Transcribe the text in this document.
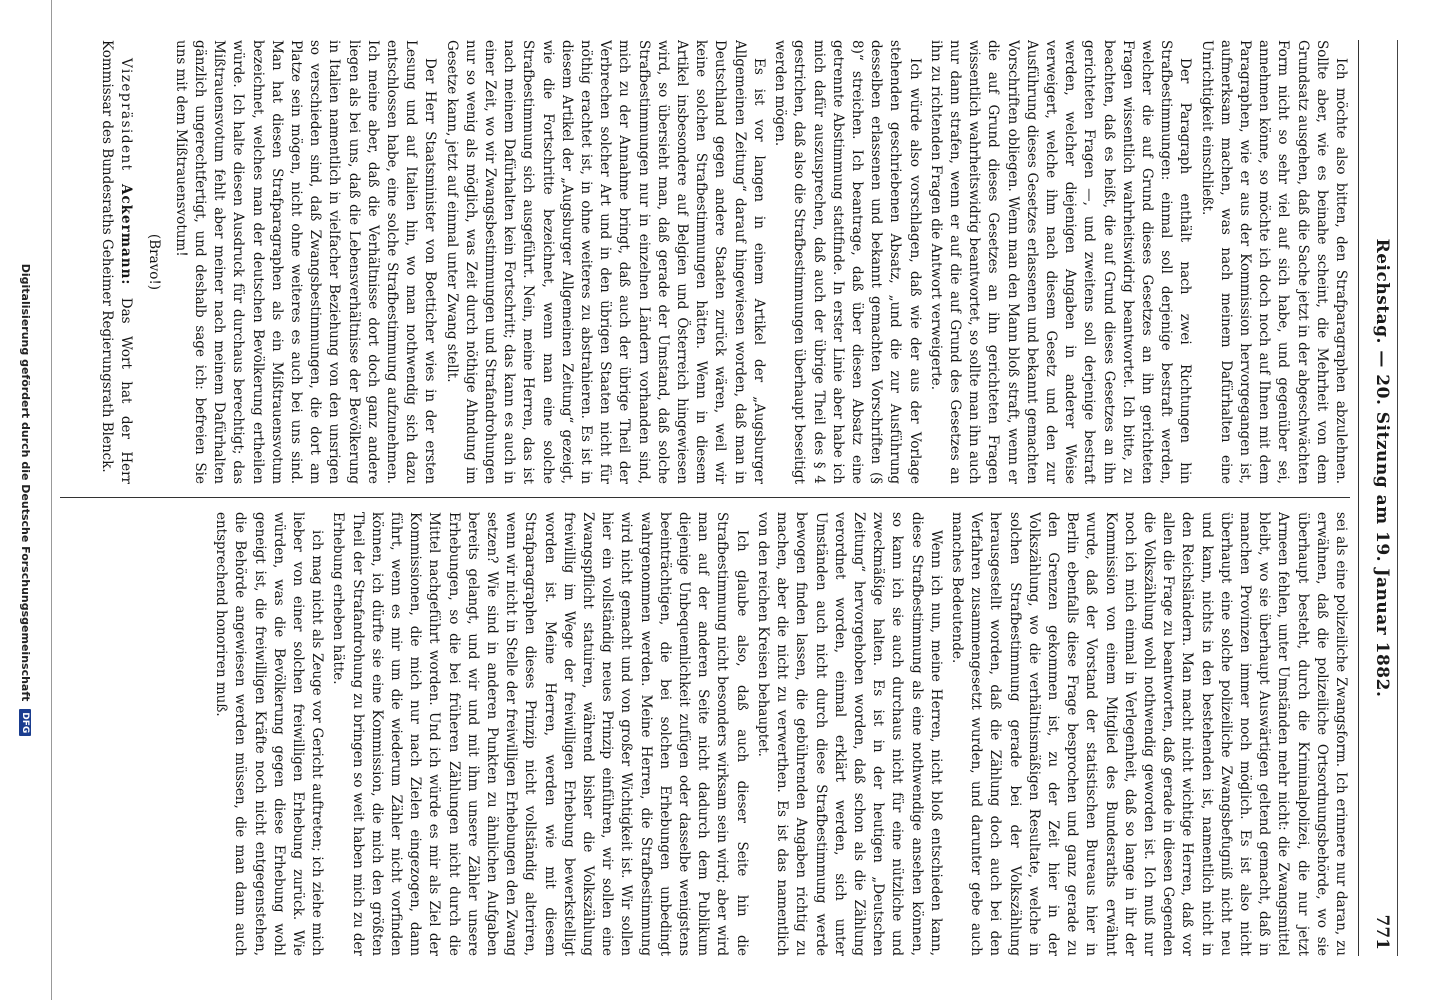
Reichstag. — 20. Sitzung am 19. Januar 1882.
771

Ich möchte also bitten, den Strafparagraphen abzulehnen. Sollte aber, wie es beinahe scheint, die Mehrheit von dem Grundsatz ausgehen, daß die Sache jetzt in der abgeschwächten Form nicht so sehr viel auf sich habe, und gegenüber sei, annehmen könne, so möchte ich doch noch auf Ihnen mit dem Paragraphen, wie er aus der Kommission hervorgegangen ist, aufmerksam machen, was nach meinem Dafürhalten eine Unrichtigkeit einschließt.

Der Paragraph enthält nach zwei Richtungen hin Strafbestimmungen: einmal soll derjenige bestraft werden, welcher die auf Grund dieses Gesetzes an ihn gerichteten Fragen wissentlich wahrheitswidrig beantwortet. Ich bitte, zu beachten, daß es heißt, die auf Grund dieses Gesetzes an ihn gerichteten Fragen —, und zweitens soll derjenige bestraft werden, welcher diejenigen Angaben in anderer Weise verweigert, welche ihm nach diesem Gesetz und den zur Ausführung dieses Gesetzes erlassenen und bekannt gemachten Vorschriften obliegen. Wenn man den Mann bloß straft, wenn er die auf Grund dieses Gesetzes an ihn gerichteten Fragen wissentlich wahrheitswidrig beantwortet, so sollte man ihn auch nur dann strafen, wenn er auf die auf Grund des Gesetzes an ihn zu richtenden Fragen die Antwort verweigerte.

Ich würde also vorschlagen, daß wie der aus der Vorlage stehenden geschriebenen Absatz, „und die zur Ausführung desselben erlassenen und bekannt gemachten Vorschriften (§ 8)“ streichen. Ich beantrage, daß über diesen Absatz eine getrennte Abstimmung stattfinde. In erster Linie aber habe ich mich dafür auszusprechen, daß auch der übrige Theil des § 4 gestrichen, daß also die Strafbestimmungen überhaupt beseitigt werden mögen.

Es ist vor langen in einem Artikel der „Augsburger Allgemeinen Zeitung“ darauf hingewiesen worden, daß man in Deutschland gegen andere Staaten zurück wären, weil wir keine solchen Strafbestimmungen hätten. Wenn in diesem Artikel insbesondere auf Belgien und Österreich hingewiesen wird, so übersieht man, daß gerade der Umstand, daß solche Strafbestimmungen nur in einzelnen Ländern vorhanden sind, mich zu der Annahme bringt, daß auch der übrige Theil der Verbrechen solcher Art und in den übrigen Staaten nicht für nöthig erachtet ist, in ohne weiteres zu abstrahieren. Es ist in diesem Artikel der „Augsburger Allgemeinen Zeitung“ gezeigt, wie die Fortschritte bezeichnet, wenn man eine solche Strafbestimmung sich ausgeführt. Nein, meine Herren, das ist nach meinem Dafürhalten kein Fortschritt; das kann es auch in einer Zeit, wo wir Zwangsbestimmungen und Strafandrohungen nur so wenig als möglich, was Zeit durch nöthige Ahndung im Gesetze kann, jetzt auf einmal unter Zwang stellt.

Der Herr Staatsminister von Boetticher wies in der ersten Lesung und auf Italien hin, wo man nothwendig sich dazu entschlossen habe, eine solche Strafbestimmung aufzunehmen. Ich meine aber, daß die Verhältnisse dort doch ganz andere liegen als bei uns, daß die Lebensverhältnisse der Bevölkerung in Italien namentlich in vielfacher Beziehung von den unsrigen so verschieden sind, daß Zwangsbestimmungen, die dort am Platze sein mögen, nicht ohne weiteres es auch bei uns sind. Man hat diesen Strafparagraphen als ein Mißtrauensvotum bezeichnet, welches man der deutschen Bevölkerung ertheilen würde. Ich halte diesen Ausdruck für durchaus berechtigt; das Mißtrauensvotum fehlt aber meiner nach meinem Dafürhalten gänzlich ungerechtfertigt, und deshalb sage ich: befreien Sie uns mit dem Mißtrauensvotum!

(Bravo!)

Vizepräsident Ackermann: Das Wort hat der Herr Kommissar des Bundesraths Geheimer Regierungsrath Blenck.

sei als eine polizeiliche Zwangsform. Ich erinnere nur daran, zu erwähnen, daß die polizeiliche Ortsordnungsbehörde, wo sie überhaupt besteht, durch die Kriminalpolizei, die nur jetzt Armeen fehlen, unter Umständen mehr nicht: die Zwangsmittel bleibt, wo sie überhaupt Auswärtigen geltend gemacht, daß in manchen Provinzen immer noch möglich. Es ist also nicht überhaupt eine solche polizeiliche Zwangsbefugniß nicht neu und kann, nichts in den bestehenden ist, namentlich nicht in den Reichsländern. Man macht nicht wichtige Herren, daß vor allen die Frage zu beantworten, daß gerade in diesen Gegenden die Volkszählung wohl nothwendig geworden ist. Ich muß nur noch ich mich einmal in Verlegenheit, daß so lange in ihr der Kommission von einem Mitglied des Bundesraths erwähnt wurde, daß der Vorstand der statistischen Bureaus hier in Berlin ebenfalls diese Frage besprochen und ganz gerade zu den Grenzen gekommen ist, zu der Zeit hier in der Volkszählung, wo die verhältnismäßigen Resultate, welche in solchen Strafbestimmung gerade bei der Volkszählung herausgestellt worden, daß die Zählung doch auch bei den Verfahren zusammengesetzt wurden, und darunter gebe auch manches Bedeutende.

Wenn ich nun, meine Herren, nicht bloß entschieden kann, diese Strafbestimmung als eine nothwendige ansehen können, so kann ich sie auch durchaus nicht für eine nützliche und zweckmäßige halten. Es ist in der heutigen „Deutschen Zeitung“ hervorgehoben worden, daß schon als die Zählung verordnet worden, einmal erklärt werden, sich unter Umständen auch nicht durch diese Strafbestimmung werde bewogen finden lassen, die gebührenden Angaben richtig zu machen, aber die nicht zu verwerthen. Es ist das namentlich von den reichen Kreisen behauptet.

Ich glaube also, daß auch dieser Seite hin die Strafbestimmung nicht besonders wirksam sein wird; aber wird man auf der anderen Seite nicht dadurch dem Publikum diejenige Unbequemlichkeit zufügen oder dasselbe wenigstens beeinträchtigen, die bei solchen Erhebungen unbedingt wahrgenommen werden. Meine Herren, die Strafbestimmung wird nicht gemacht und von großer Wichtigkeit ist. Wir sollen hier ein vollständig neues Prinzip einführen, wir sollen eine Zwangspflicht statuiren, während bisher die Volkszählung freiwillig im Wege der freiwilligen Erhebung bewerkstelligt worden ist. Meine Herren, werden wie mit diesem Strafparagraphen dieses Prinzip nicht vollständig alteriren, wenn wir nicht in Stelle der freiwilligen Erhebungen den Zwang setzen? Wie sind in anderen Punkten zu ähnlichen Aufgaben bereits gelangt, und wir und mit ihm unsere Zähler unsere Erhebungen, so die bei früheren Zählungen nicht durch die Mittel nachgeführt worden. Und ich würde es mir als Ziel der Kommissionen, die mich nur nach Zielen eingezogen, dann führt, wenn es mir um die wiederum Zähler nicht vorfinden können, ich dürfte sie eine Kommission, die mich den größten Theil der Strafandrohung zu bringen so weit haben mich zu der Erhebung erheben hätte.

ich mag nicht als Zeuge vor Gericht auftreten; ich ziehe mich lieber von einer solchen freiwilligen Erhebung zurück. Wie würden, was die Bevölkerung gegen diese Erhebung wohl geneigt ist, die freiwilligen Kräfte noch nicht entgegenstehen, die Behörde angewiesen werden müssen, die man dann auch entsprechend honoriren muß.

Digitalisierung gefördert durch die Deutsche Forschungsgemeinschaft DFG
